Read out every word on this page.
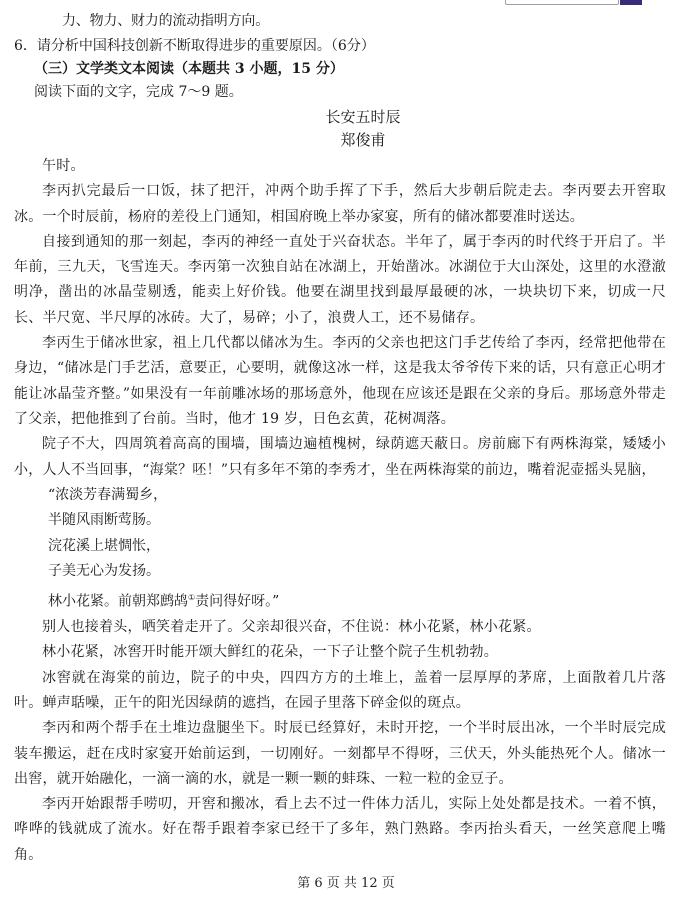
力、物力、财力的流动指明方向。
6．请分析中国科技创新不断取得进步的重要原因。（6分）
（三）文学类文本阅读（本题共 3 小题，15 分）
阅读下面的文字，完成 7～9 题。
长安五时辰
郑俊甫

午时。

李丙扒完最后一口饭，抹了把汗，冲两个助手挥了下手，然后大步朝后院走去。李丙要去开窖取冰。一个时辰前，杨府的差役上门通知，相国府晚上举办家宴，所有的储冰都要准时送达。

自接到通知的那一刻起，李丙的神经一直处于兴奋状态。半年了，属于李丙的时代终于开启了。半年前，三九天，飞雪连天。李丙第一次独自站在冰湖上，开始凿冰。冰湖位于大山深处，这里的水澄澈明净，凿出的冰晶莹剔透，能卖上好价钱。他要在湖里找到最厚最硬的冰，一块块切下来，切成一尺长、半尺宽、半尺厚的冰砖。大了，易碎；小了，浪费人工，还不易储存。

李丙生于储冰世家，祖上几代都以储冰为生。李丙的父亲也把这门手艺传给了李丙，经常把他带在身边，“储冰是门手艺活，意要正，心要明，就像这冰一样，这是我太爷爷传下来的话，只有意正心明才能让冰晶莹齐整。”如果没有一年前雕冰场的那场意外，他现在应该还是跟在父亲的身后。那场意外带走了父亲，把他推到了台前。当时，他才 19 岁，日色玄黄，花树凋落。

院子不大，四周筑着高高的围墙，围墙边遍植槐树，绿荫遮天蔽日。房前廊下有两株海棠，矮矮小小，人人不当回事，“海棠？呸！”只有多年不第的李秀才，坐在两株海棠的前边，嘴着泥壶摇头晃脑，

“浓淡芳春满蜀乡，

半随风雨断莺肠。

浣花溪上堪惆怅，

子美无心为发扬。

林小花紧。前朝郑鹧鸪①责问得好呀。”

别人也接着头，哂笑着走开了。父亲却很兴奋，不住说：林小花紧，林小花紧。

林小花紧，冰窖开时能开颂大鲜红的花朵，一下子让整个院子生机勃勃。

冰窖就在海棠的前边，院子的中央，四四方方的土堆上，盖着一层厚厚的茅席，上面散着几片落叶。蝉声聒噪，正午的阳光因绿荫的遮挡，在园子里落下碎金似的斑点。

李丙和两个帮手在土堆边盘腿坐下。时辰已经算好，未时开挖，一个半时辰出冰，一个半时辰完成装车搬运，赶在戌时家宴开始前运到，一切刚好。一刻都早不得呀，三伏天，外头能热死个人。储冰一出窖，就开始融化，一滴一滴的水，就是一颗一颗的蚌珠、一粒一粒的金豆子。

李丙开始跟帮手唠叨，开窖和搬冰，看上去不过一件体力活儿，实际上处处都是技术。一着不慎，哗哗的钱就成了流水。好在帮手跟着李家已经干了多年，熟门熟路。李丙抬头看天，一丝笑意爬上嘴角。

第 6 页 共 12 页
